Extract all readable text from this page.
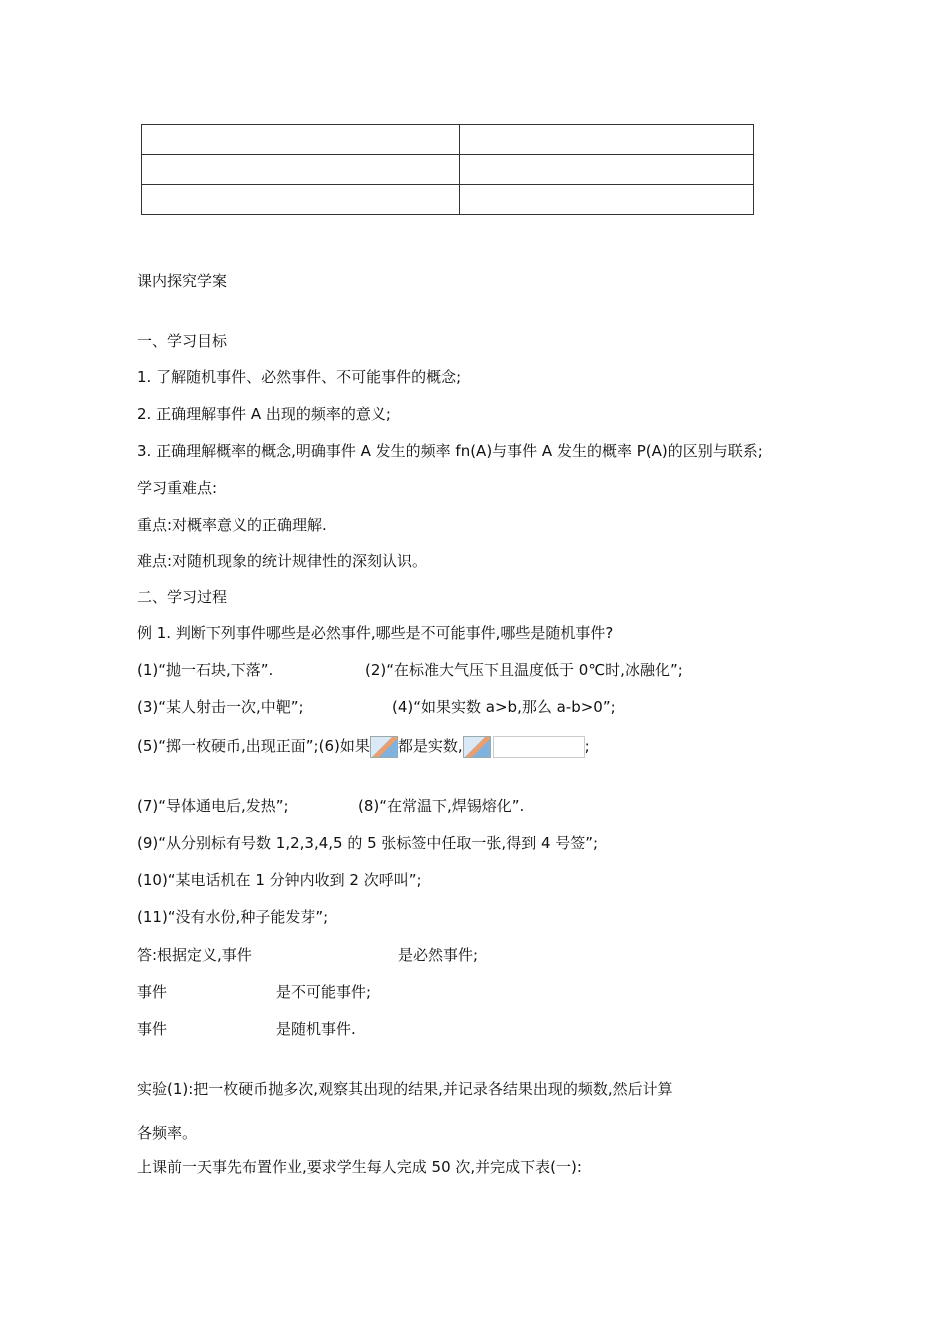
课内探究学案
一、学习目标
1. 了解随机事件、必然事件、不可能事件的概念;
2. 正确理解事件 A 出现的频率的意义;
3. 正确理解概率的概念,明确事件 A 发生的频率 fn(A)与事件 A 发生的概率 P(A)的区别与联系;
学习重难点:
重点:对概率意义的正确理解.
难点:对随机现象的统计规律性的深刻认识。
二、学习过程
例 1. 判断下列事件哪些是必然事件,哪些是不可能事件,哪些是随机事件?
(1)“抛一石块,下落”.	(2)“在标准大气压下且温度低于 0℃时,冰融化”;
(3)“某人射击一次,中靶”;	(4)“如果实数 a>b,那么 a-b>0”;
(5)“掷一枚硬币,出现正面”;(6)如果 都是实数,	;
(7)“导体通电后,发热”;	(8)“在常温下,焊锡熔化”.
(9)“从分别标有号数 1,2,3,4,5 的 5 张标签中任取一张,得到 4 号签”;
(10)“某电话机在 1 分钟内收到 2 次呼叫”;
(11)“没有水份,种子能发芽”;
答:根据定义,事件	是必然事件;
事件	是不可能事件;
事件	是随机事件.
实验(1):把一枚硬币抛多次,观察其出现的结果,并记录各结果出现的频数,然后计算
各频率。
上课前一天事先布置作业,要求学生每人完成 50 次,并完成下表(一):
